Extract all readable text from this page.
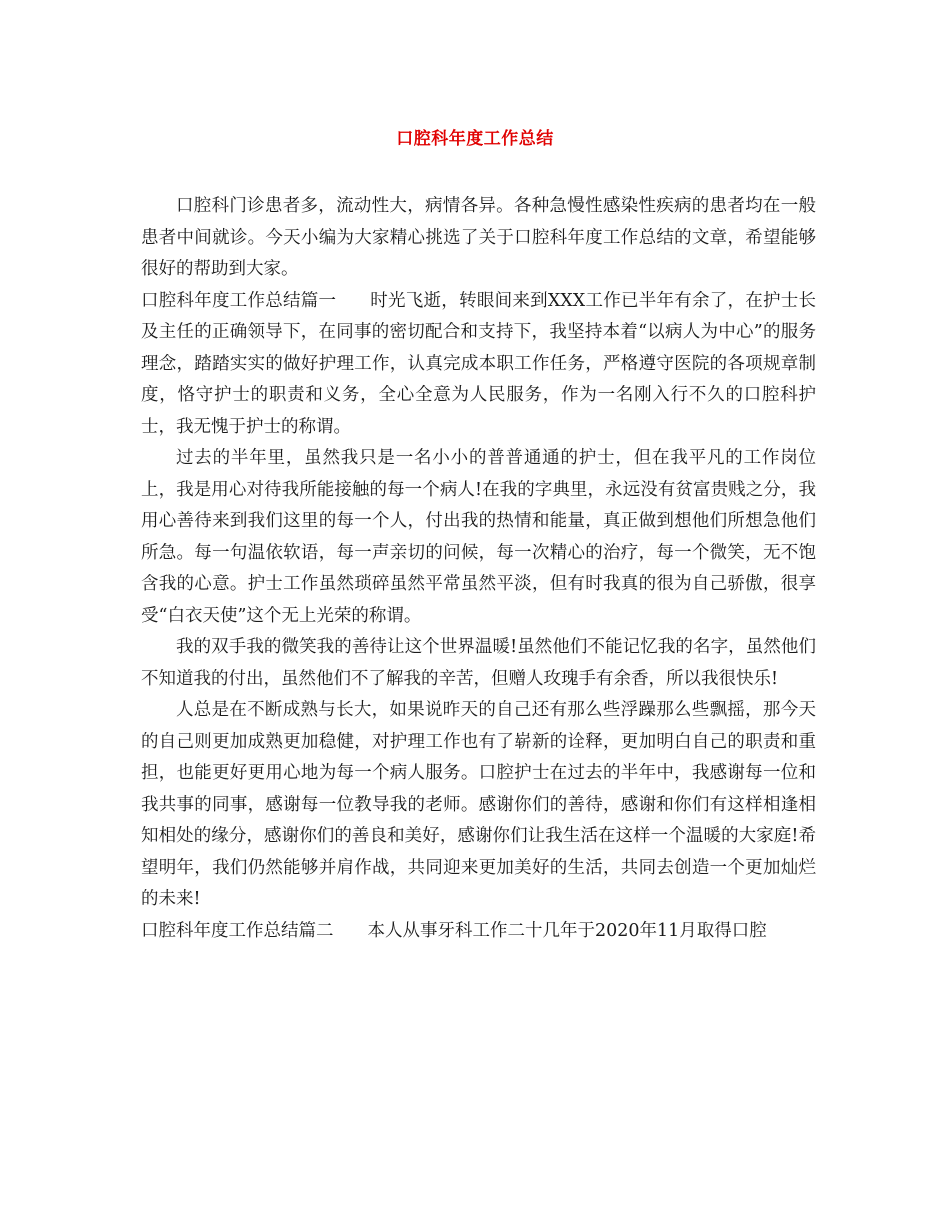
口腔科年度工作总结

口腔科门诊患者多，流动性大，病情各异。各种急慢性感染性疾病的患者均在一般患者中间就诊。今天小编为大家精心挑选了关于口腔科年度工作总结的文章，希望能够很好的帮助到大家。

口腔科年度工作总结篇一 时光飞逝，转眼间来到XXX工作已半年有余了，在护士长及主任的正确领导下，在同事的密切配合和支持下，我坚持本着“以病人为中心”的服务理念，踏踏实实的做好护理工作，认真完成本职工作任务，严格遵守医院的各项规章制度，恪守护士的职责和义务，全心全意为人民服务，作为一名刚入行不久的口腔科护士，我无愧于护士的称谓。

过去的半年里，虽然我只是一名小小的普普通通的护士，但在我平凡的工作岗位上，我是用心对待我所能接触的每一个病人!在我的字典里，永远没有贫富贵贱之分，我用心善待来到我们这里的每一个人，付出我的热情和能量，真正做到想他们所想急他们所急。每一句温依软语，每一声亲切的问候，每一次精心的治疗，每一个微笑，无不饱含我的心意。护士工作虽然琐碎虽然平常虽然平淡，但有时我真的很为自己骄傲，很享受“白衣天使”这个无上光荣的称谓。

我的双手我的微笑我的善待让这个世界温暖!虽然他们不能记忆我的名字，虽然他们不知道我的付出，虽然他们不了解我的辛苦，但赠人玫瑰手有余香，所以我很快乐!

人总是在不断成熟与长大，如果说昨天的自己还有那么些浮躁那么些飘摇，那今天的自己则更加成熟更加稳健，对护理工作也有了崭新的诠释，更加明白自己的职责和重担，也能更好更用心地为每一个病人服务。口腔护士在过去的半年中，我感谢每一位和我共事的同事，感谢每一位教导我的老师。感谢你们的善待，感谢和你们有这样相逢相知相处的缘分，感谢你们的善良和美好，感谢你们让我生活在这样一个温暖的大家庭!希望明年，我们仍然能够并肩作战，共同迎来更加美好的生活，共同去创造一个更加灿烂的未来!

口腔科年度工作总结篇二 本人从事牙科工作二十几年于2020年11月取得口腔
